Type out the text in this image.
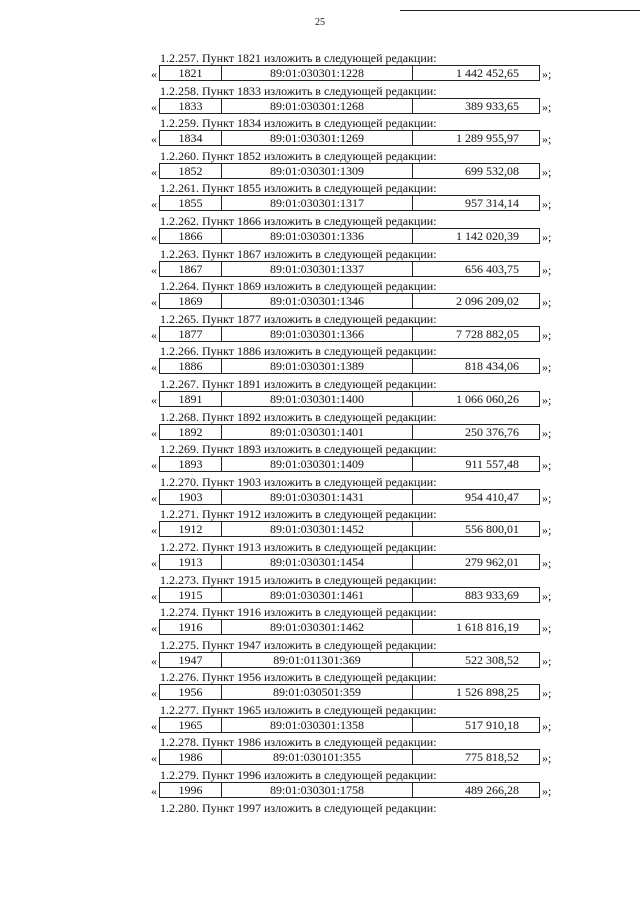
25
1.2.257. Пункт 1821 изложить в следующей редакции:
«	1821	89:01:030301:1228	1 442 452,65	»;
1.2.258. Пункт 1833 изложить в следующей редакции:
«	1833	89:01:030301:1268	389 933,65	»;
1.2.259. Пункт 1834 изложить в следующей редакции:
«	1834	89:01:030301:1269	1 289 955,97	»;
1.2.260. Пункт 1852 изложить в следующей редакции:
«	1852	89:01:030301:1309	699 532,08	»;
1.2.261. Пункт 1855 изложить в следующей редакции:
«	1855	89:01:030301:1317	957 314,14	»;
1.2.262. Пункт 1866 изложить в следующей редакции:
«	1866	89:01:030301:1336	1 142 020,39	»;
1.2.263. Пункт 1867 изложить в следующей редакции:
«	1867	89:01:030301:1337	656 403,75	»;
1.2.264. Пункт 1869 изложить в следующей редакции:
«	1869	89:01:030301:1346	2 096 209,02	»;
1.2.265. Пункт 1877 изложить в следующей редакции:
«	1877	89:01:030301:1366	7 728 882,05	»;
1.2.266. Пункт 1886 изложить в следующей редакции:
«	1886	89:01:030301:1389	818 434,06	»;
1.2.267. Пункт 1891 изложить в следующей редакции:
«	1891	89:01:030301:1400	1 066 060,26	»;
1.2.268. Пункт 1892 изложить в следующей редакции:
«	1892	89:01:030301:1401	250 376,76	»;
1.2.269. Пункт 1893 изложить в следующей редакции:
«	1893	89:01:030301:1409	911 557,48	»;
1.2.270. Пункт 1903 изложить в следующей редакции:
«	1903	89:01:030301:1431	954 410,47	»;
1.2.271. Пункт 1912 изложить в следующей редакции:
«	1912	89:01:030301:1452	556 800,01	»;
1.2.272. Пункт 1913 изложить в следующей редакции:
«	1913	89:01:030301:1454	279 962,01	»;
1.2.273. Пункт 1915 изложить в следующей редакции:
«	1915	89:01:030301:1461	883 933,69	»;
1.2.274. Пункт 1916 изложить в следующей редакции:
«	1916	89:01:030301:1462	1 618 816,19	»;
1.2.275. Пункт 1947 изложить в следующей редакции:
«	1947	89:01:011301:369	522 308,52	»;
1.2.276. Пункт 1956 изложить в следующей редакции:
«	1956	89:01:030501:359	1 526 898,25	»;
1.2.277. Пункт 1965 изложить в следующей редакции:
«	1965	89:01:030301:1358	517 910,18	»;
1.2.278. Пункт 1986 изложить в следующей редакции:
«	1986	89:01:030101:355	775 818,52	»;
1.2.279. Пункт 1996 изложить в следующей редакции:
«	1996	89:01:030301:1758	489 266,28	»;
1.2.280. Пункт 1997 изложить в следующей редакции:
